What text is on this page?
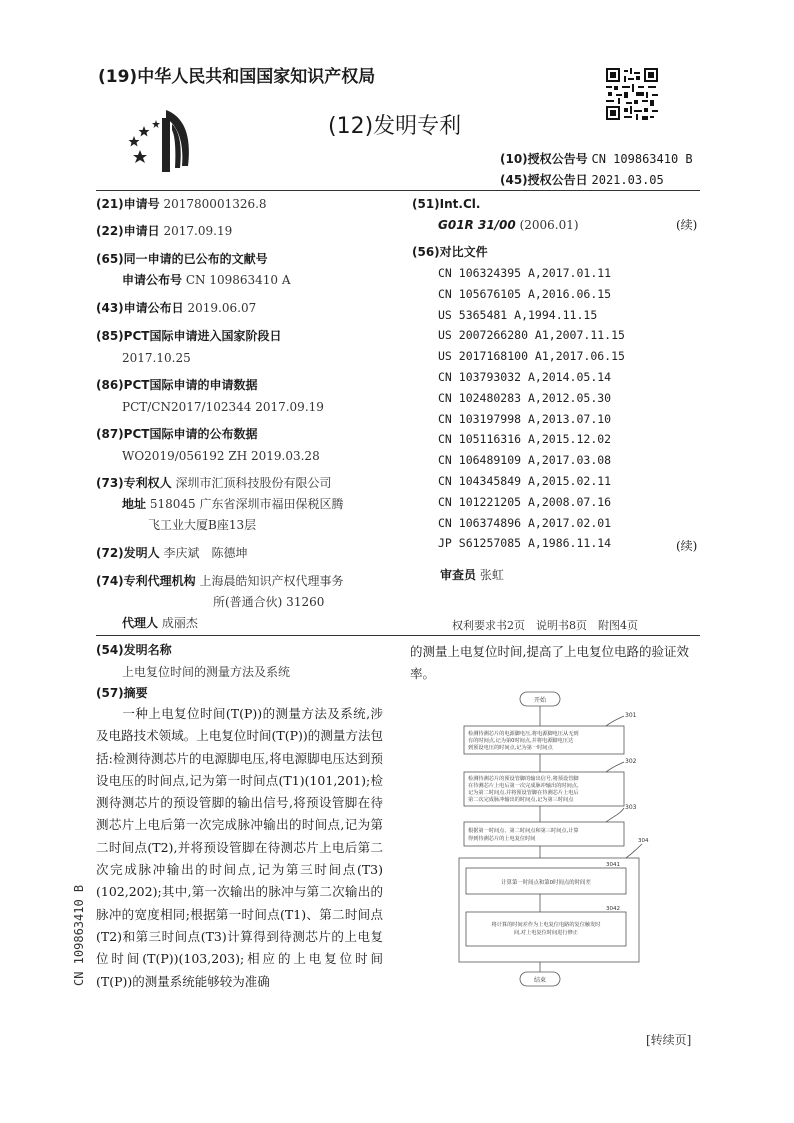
(19)中华人民共和国国家知识产权局
(12)发明专利
(10)授权公告号 CN 109863410 B
(45)授权公告日 2021.03.05
(21)申请号 201780001326.8
(22)申请日 2017.09.19
(65)同一申请的已公布的文献号
申请公布号 CN 109863410 A
(43)申请公布日 2019.06.07
(85)PCT国际申请进入国家阶段日
2017.10.25
(86)PCT国际申请的申请数据
PCT/CN2017/102344 2017.09.19
(87)PCT国际申请的公布数据
WO2019/056192 ZH 2019.03.28
(73)专利权人 深圳市汇顶科技股份有限公司
地址 518045 广东省深圳市福田保税区腾
飞工业大厦B座13层
(72)发明人 李庆斌　陈德坤
(74)专利代理机构 上海晨皓知识产权代理事务
所(普通合伙) 31260
代理人 成丽杰
(51)Int.Cl.
G01R 31/00 (2006.01)	(续)
(56)对比文件
CN 106324395 A,2017.01.11
CN 105676105 A,2016.06.15
US 5365481 A,1994.11.15
US 2007266280 A1,2007.11.15
US 2017168100 A1,2017.06.15
CN 103793032 A,2014.05.14
CN 102480283 A,2012.05.30
CN 103197998 A,2013.07.10
CN 105116316 A,2015.12.02
CN 106489109 A,2017.03.08
CN 104345849 A,2015.02.11
CN 101221205 A,2008.07.16
CN 106374896 A,2017.02.01
JP S61257085 A,1986.11.14	(续)
审查员 张虹
权利要求书2页　说明书8页　附图4页
(54)发明名称
上电复位时间的测量方法及系统
(57)摘要
一种上电复位时间(T(P))的测量方法及系统,涉及电路技术领域。上电复位时间(T(P))的测量方法包括:检测待测芯片的电源脚电压,将电源脚电压达到预设电压的时间点,记为第一时间点(T1)(101,201);检测待测芯片的预设管脚的输出信号,将预设管脚在待测芯片上电后第一次完成脉冲输出的时间点,记为第二时间点(T2),并将预设管脚在待测芯片上电后第二次完成脉冲输出的时间点,记为第三时间点(T3)(102,202);其中,第一次输出的脉冲与第二次输出的脉冲的宽度相同;根据第一时间点(T1)、第二时间点(T2)和第三时间点(T3)计算得到待测芯片的上电复位时间(T(P))(103,203);相应的上电复位时间(T(P))的测量系统能够较为准确
的测量上电复位时间,提高了上电复位电路的验证效率。
开始
301
检测待测芯片的电源脚电压,将电源脚电压从无到
有的时间点,记为第0时间点,并将电源脚电压达
到预设电压的时间点,记为第一时间点
302
检测待测芯片的预设管脚的输出信号,将预设管脚
在待测芯片上电后第一次完成脉冲输出的时间点,
记为第二时间点,并将预设管脚在待测芯片上电后
第二次完成脉冲输出的时间点,记为第三时间点
303
根据第一时间点、第二时间点和第三时间点,计算
得到待测芯片的上电复位时间	304
3041
计算第一时间点和第0时间点的时间差
3042
将计算的时间差作为上电复位电路的复位触发时
间,对上电复位时间进行修正
结束
CN 109863410 B
[转续页]
